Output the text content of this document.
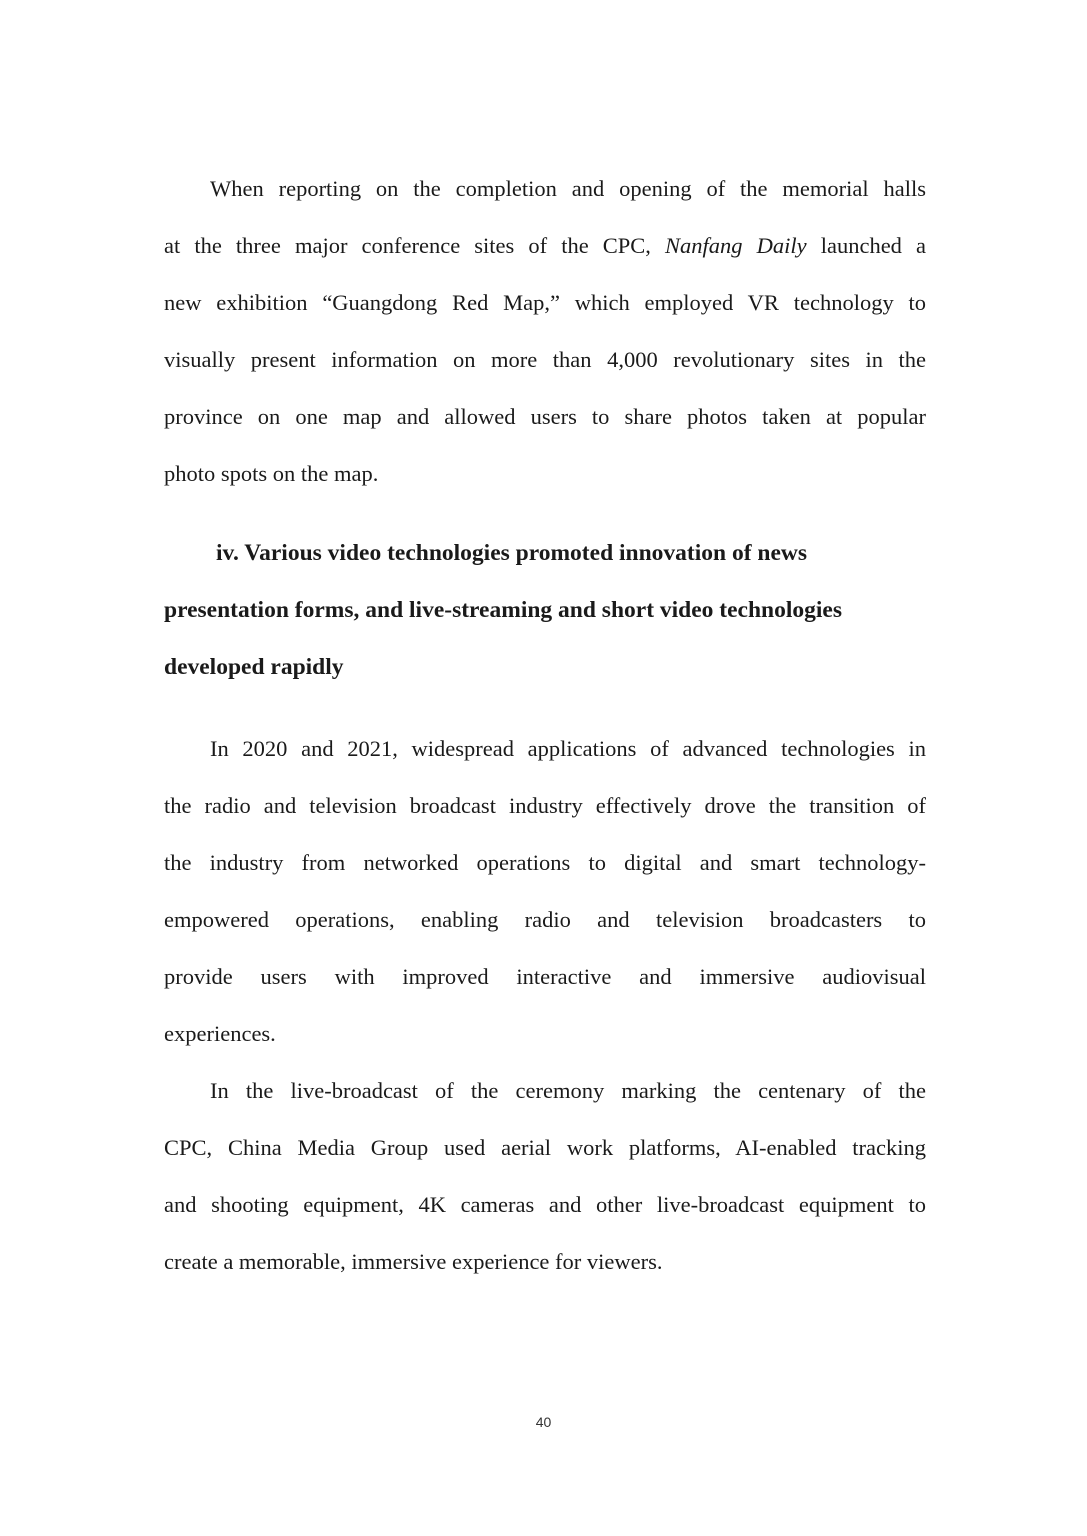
When reporting on the completion and opening of the memorial halls
at the three major conference sites of the CPC, Nanfang Daily launched a
new exhibition “Guangdong Red Map,” which employed VR technology to
visually present information on more than 4,000 revolutionary sites in the
province on one map and allowed users to share photos taken at popular
photo spots on the map.

iv. Various video technologies promoted innovation of news
presentation forms, and live-streaming and short video technologies
developed rapidly

In 2020 and 2021, widespread applications of advanced technologies in
the radio and television broadcast industry effectively drove the transition of
the industry from networked operations to digital and smart technology-
empowered operations, enabling radio and television broadcasters to
provide users with improved interactive and immersive audiovisual
experiences.

In the live-broadcast of the ceremony marking the centenary of the
CPC, China Media Group used aerial work platforms, AI-enabled tracking
and shooting equipment, 4K cameras and other live-broadcast equipment to
create a memorable, immersive experience for viewers.

40
